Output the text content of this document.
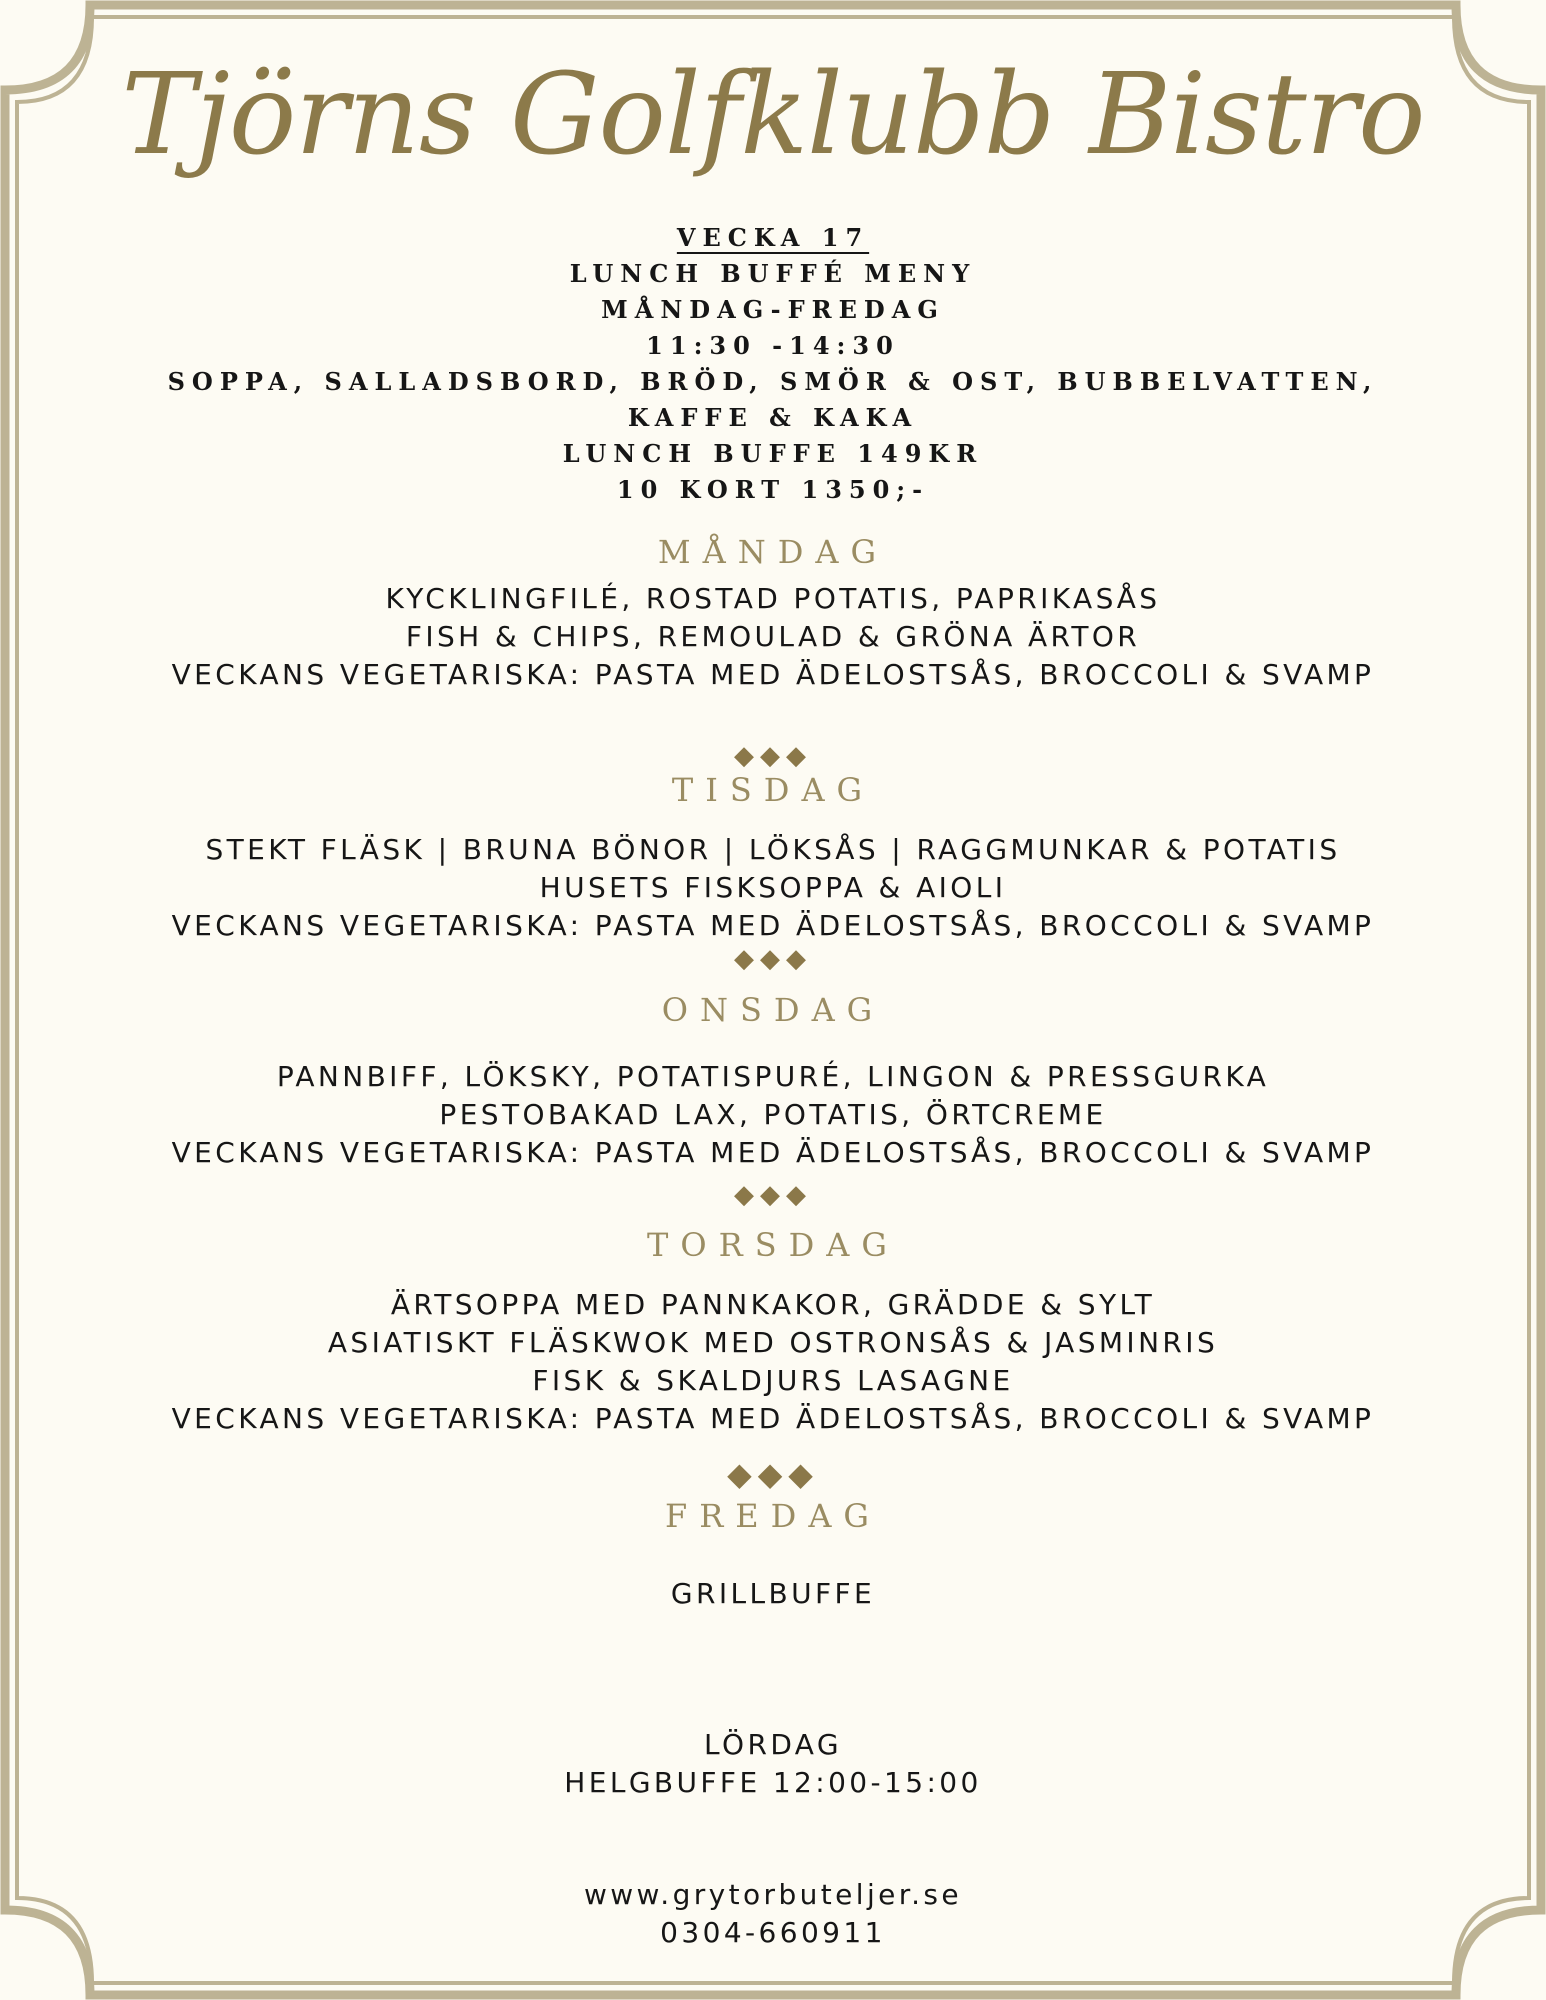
Tjörns Golfklubb Bistro
VECKA 17
LUNCH BUFFÉ MENY
MÅNDAG-FREDAG
11:30 -14:30
SOPPA, SALLADSBORD, BRÖD, SMÖR & OST, BUBBELVATTEN,
KAFFE & KAKA
LUNCH BUFFE 149KR
10 KORT 1350;-
MÅNDAG
KYCKLINGFILÉ, ROSTAD POTATIS, PAPRIKASÅS
FISH & CHIPS, REMOULAD & GRÖNA ÄRTOR
VECKANS VEGETARISKA: PASTA MED ÄDELOSTSÅS, BROCCOLI & SVAMP
◆◆◆
TISDAG
STEKT FLÄSK | BRUNA BÖNOR | LÖKSÅS | RAGGMUNKAR & POTATIS
HUSETS FISKSOPPA & AIOLI
VECKANS VEGETARISKA: PASTA MED ÄDELOSTSÅS, BROCCOLI & SVAMP
◆◆◆
ONSDAG
PANNBIFF, LÖKSKY, POTATISPURÉ, LINGON & PRESSGURKA
PESTOBAKAD LAX, POTATIS, ÖRTCREME
VECKANS VEGETARISKA: PASTA MED ÄDELOSTSÅS, BROCCOLI & SVAMP
◆◆◆
TORSDAG
ÄRTSOPPA MED PANNKAKOR, GRÄDDE & SYLT
ASIATISKT FLÄSKWOK MED OSTRONSÅS & JASMINRIS
FISK & SKALDJURS LASAGNE
VECKANS VEGETARISKA: PASTA MED ÄDELOSTSÅS, BROCCOLI & SVAMP
◆◆◆
FREDAG
GRILLBUFFE
LÖRDAG
HELGBUFFE 12:00-15:00
www.grytorbuteljer.se
0304-660911
